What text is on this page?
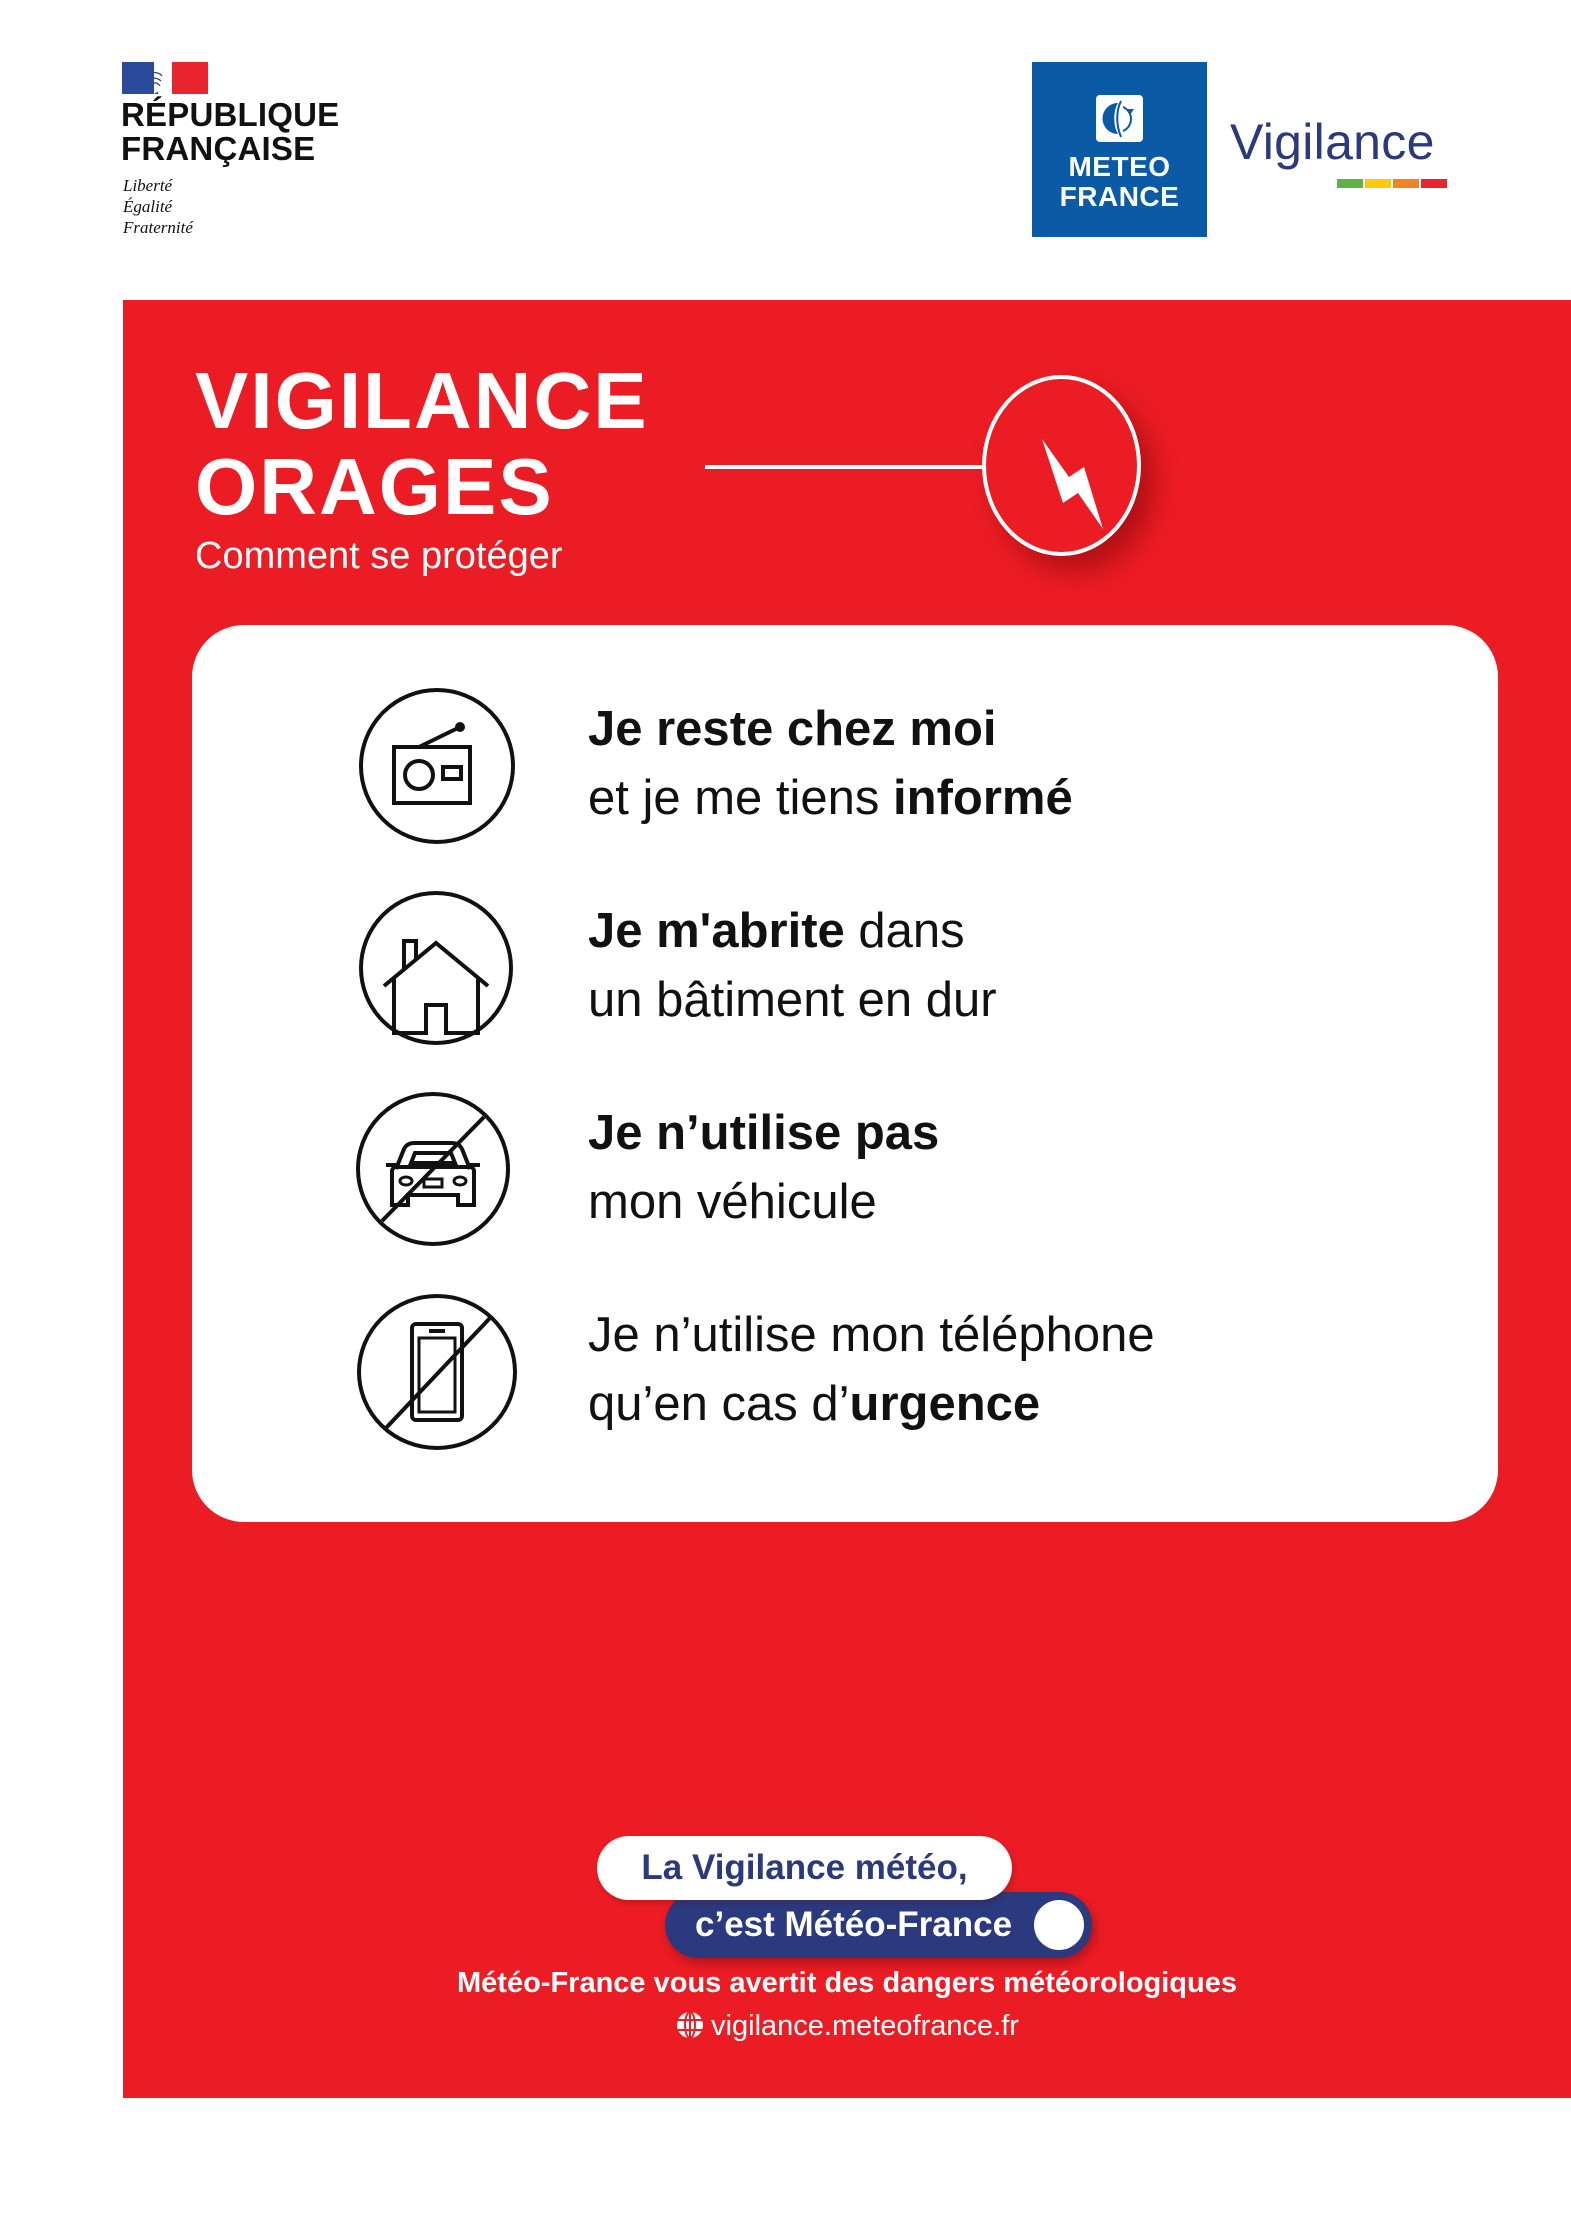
RÉPUBLIQUE
FRANÇAISE
Liberté
Égalité
Fraternité
METEO
FRANCE
Vigilance
VIGILANCE
ORAGES
Comment se protéger
Je reste chez moi
et je me tiens informé
Je m'abrite dans
un bâtiment en dur
Je n’utilise pas
mon véhicule
Je n’utilise mon téléphone
qu’en cas d’urgence
c’est Météo-France
La Vigilance météo,
Météo-France vous avertit des dangers météorologiques
vigilance.meteofrance.fr
